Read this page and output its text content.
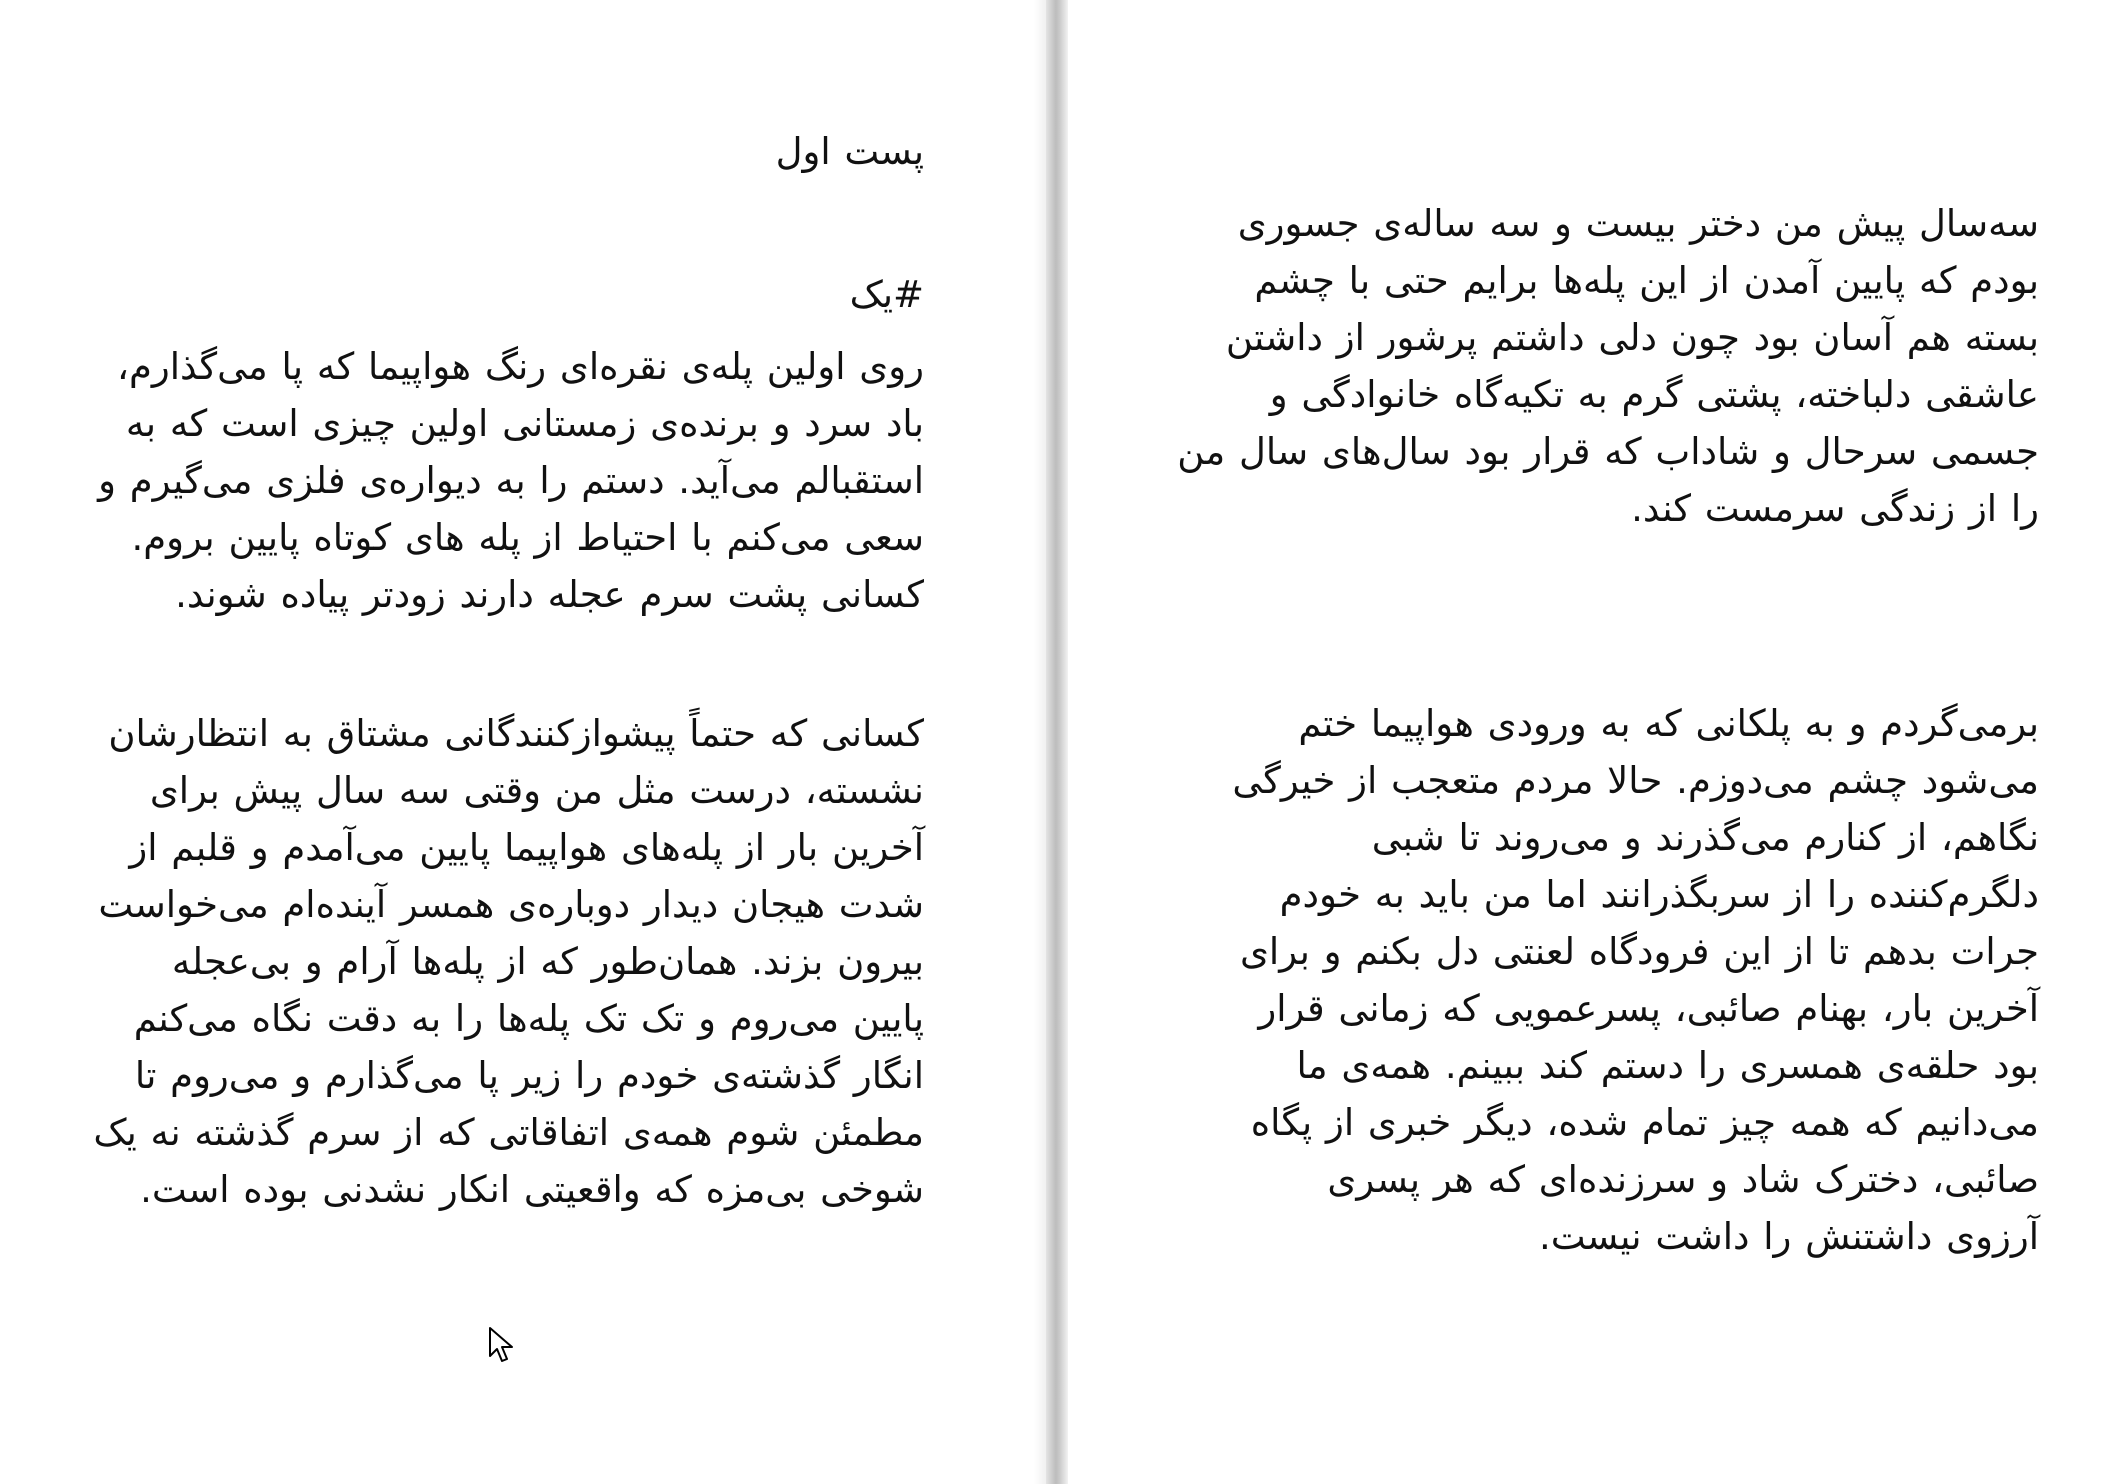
پست اول
#یک
روی اولین پله‌ی نقره‌ای رنگ هواپیما که پا می‌گذارم،
باد سرد و برنده‌ی زمستانی اولین چیزی است که به
استقبالم می‌آید. دستم را به دیواره‌ی فلزی می‌گیرم و
سعی می‌کنم با احتیاط از پله های کوتاه پایین بروم.
کسانی پشت سرم عجله دارند زودتر پیاده شوند.
کسانی که حتماً پیشوازکنندگانی مشتاق به انتظارشان
نشسته، درست مثل من وقتی سه سال پیش برای
آخرین بار از پله‌های هواپیما پایین می‌آمدم و قلبم از
شدت هیجان دیدار دوباره‌ی همسر آینده‌ام می‌خواست
بیرون بزند. همان‌طور که از پله‌ها آرام و بی‌عجله
پایین می‌روم و تک تک پله‌ها را به دقت نگاه می‌کنم
انگار گذشته‌ی خودم را زیر پا می‌گذارم و می‌روم تا
مطمئن شوم همه‌ی اتفاقاتی که از سرم گذشته نه یک
شوخی بی‌مزه که واقعیتی انکار نشدنی بوده است.
سه‌سال پیش من دختر بیست و سه ساله‌ی جسوری
بودم که پایین آمدن از این پله‌ها برایم حتی با چشم
بسته هم آسان بود چون دلی داشتم پرشور از داشتن
عاشقی دلباخته، پشتی گرم به تکیه‌گاه خانوادگی و
جسمی سرحال و شاداب که قرار بود سال‌های سال من
را از زندگی سرمست کند.
برمی‌گردم و به پلکانی که به ورودی هواپیما ختم
می‌شود چشم می‌دوزم. حالا مردم متعجب از خیرگی
نگاهم، از کنارم می‌گذرند و می‌روند تا شبی
دلگرم‌کننده را از سربگذرانند اما من باید به خودم
جرات بدهم تا از این فرودگاه لعنتی دل بکنم و برای
آخرین بار، بهنام صائبی، پسرعمویی که زمانی قرار
بود حلقه‌ی همسری را دستم کند ببینم. همه‌ی ما
می‌دانیم که همه چیز تمام شده، دیگر خبری از پگاه
صائبی، دخترک شاد و سرزنده‌ای که هر پسری
آرزوی داشتنش را داشت نیست.
